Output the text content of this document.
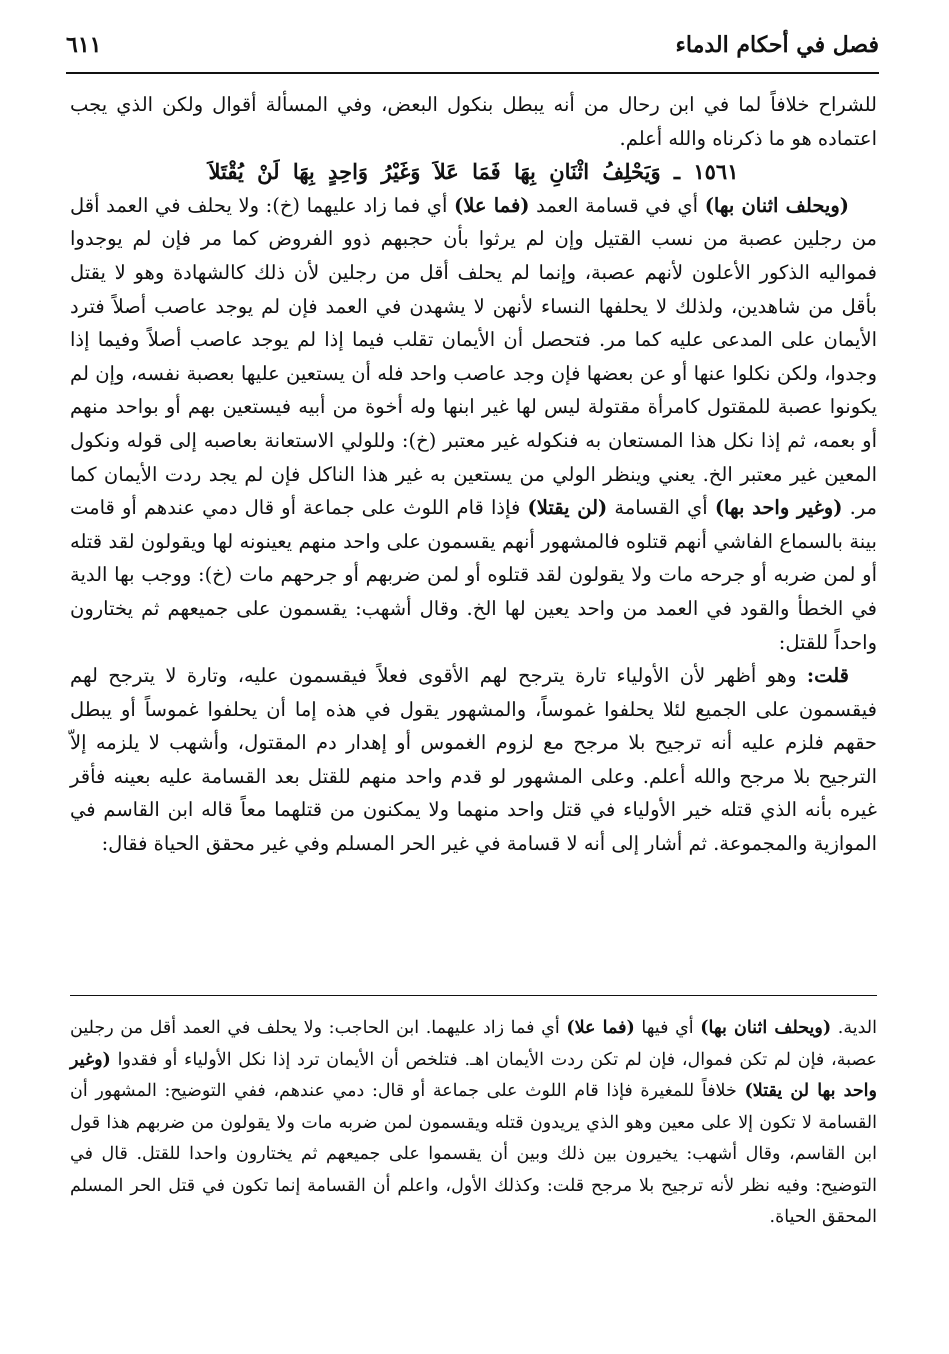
فصل في أحكام الدماء
٦١١

للشراح خلافاً لما في ابن رحال من أنه يبطل بنكول البعض، وفي المسألة أقوال ولكن الذي يجب اعتماده هو ما ذكرناه والله أعلم.

١٥٦١ ـ وَيَحْلِفُ اثْنَانِ بِهَا فَمَا عَلاَ وَغَيْرُ وَاحِدٍ بِهَا لَنْ يُقْتَلاَ

(ويحلف اثنان بها) أي في قسامة العمد (فما علا) أي فما زاد عليهما (خ): ولا يحلف في العمد أقل من رجلين عصبة من نسب القتيل وإن لم يرثوا بأن حجبهم ذوو الفروض كما مر فإن لم يوجدوا فمواليه الذكور الأعلون لأنهم عصبة، وإنما لم يحلف أقل من رجلين لأن ذلك كالشهادة وهو لا يقتل بأقل من شاهدين، ولذلك لا يحلفها النساء لأنهن لا يشهدن في العمد فإن لم يوجد عاصب أصلاً فترد الأيمان على المدعى عليه كما مر. فتحصل أن الأيمان تقلب فيما إذا لم يوجد عاصب أصلاً وفيما إذا وجدوا، ولكن نكلوا عنها أو عن بعضها فإن وجد عاصب واحد فله أن يستعين عليها بعصبة نفسه، وإن لم يكونوا عصبة للمقتول كامرأة مقتولة ليس لها غير ابنها وله أخوة من أبيه فيستعين بهم أو بواحد منهم أو بعمه، ثم إذا نكل هذا المستعان به فنكوله غير معتبر (خ): وللولي الاستعانة بعاصبه إلى قوله ونكول المعين غير معتبر الخ. يعني وينظر الولي من يستعين به غير هذا الناكل فإن لم يجد ردت الأيمان كما مر. (وغير واحد بها) أي القسامة (لن يقتلا) فإذا قام اللوث على جماعة أو قال دمي عندهم أو قامت بينة بالسماع الفاشي أنهم قتلوه فالمشهور أنهم يقسمون على واحد منهم يعينونه لها ويقولون لقد قتله أو لمن ضربه أو جرحه مات ولا يقولون لقد قتلوه أو لمن ضربهم أو جرحهم مات (خ): ووجب بها الدية في الخطأ والقود في العمد من واحد يعين لها الخ. وقال أشهب: يقسمون على جميعهم ثم يختارون واحداً للقتل:

قلت: وهو أظهر لأن الأولياء تارة يترجح لهم الأقوى فعلاً فيقسمون عليه، وتارة لا يترجح لهم فيقسمون على الجميع لئلا يحلفوا غموساً، والمشهور يقول في هذه إما أن يحلفوا غموساً أو يبطل حقهم فلزم عليه أنه ترجيح بلا مرجح مع لزوم الغموس أو إهدار دم المقتول، وأشهب لا يلزمه إلاّ الترجيح بلا مرجح والله أعلم. وعلى المشهور لو قدم واحد منهم للقتل بعد القسامة عليه بعينه فأقر غيره بأنه الذي قتله خير الأولياء في قتل واحد منهما ولا يمكنون من قتلهما معاً قاله ابن القاسم في الموازية والمجموعة. ثم أشار إلى أنه لا قسامة في غير الحر المسلم وفي غير محقق الحياة فقال:

الدية. (ويحلف اثنان بها) أي فيها (فما علا) أي فما زاد عليهما. ابن الحاجب: ولا يحلف في العمد أقل من رجلين عصبة، فإن لم تكن فموال، فإن لم تكن ردت الأيمان اهـ. فتلخص أن الأيمان ترد إذا نكل الأولياء أو فقدوا (وغير واحد بها لن يقتلا) خلافاً للمغيرة فإذا قام اللوث على جماعة أو قال: دمي عندهم، ففي التوضيح: المشهور أن القسامة لا تكون إلا على معين وهو الذي يريدون قتله ويقسمون لمن ضربه مات ولا يقولون من ضربهم هذا قول ابن القاسم، وقال أشهب: يخيرون بين ذلك وبين أن يقسموا على جميعهم ثم يختارون واحدا للقتل. قال في التوضيح: وفيه نظر لأنه ترجيح بلا مرجح قلت: وكذلك الأول، واعلم أن القسامة إنما تكون في قتل الحر المسلم المحقق الحياة.
